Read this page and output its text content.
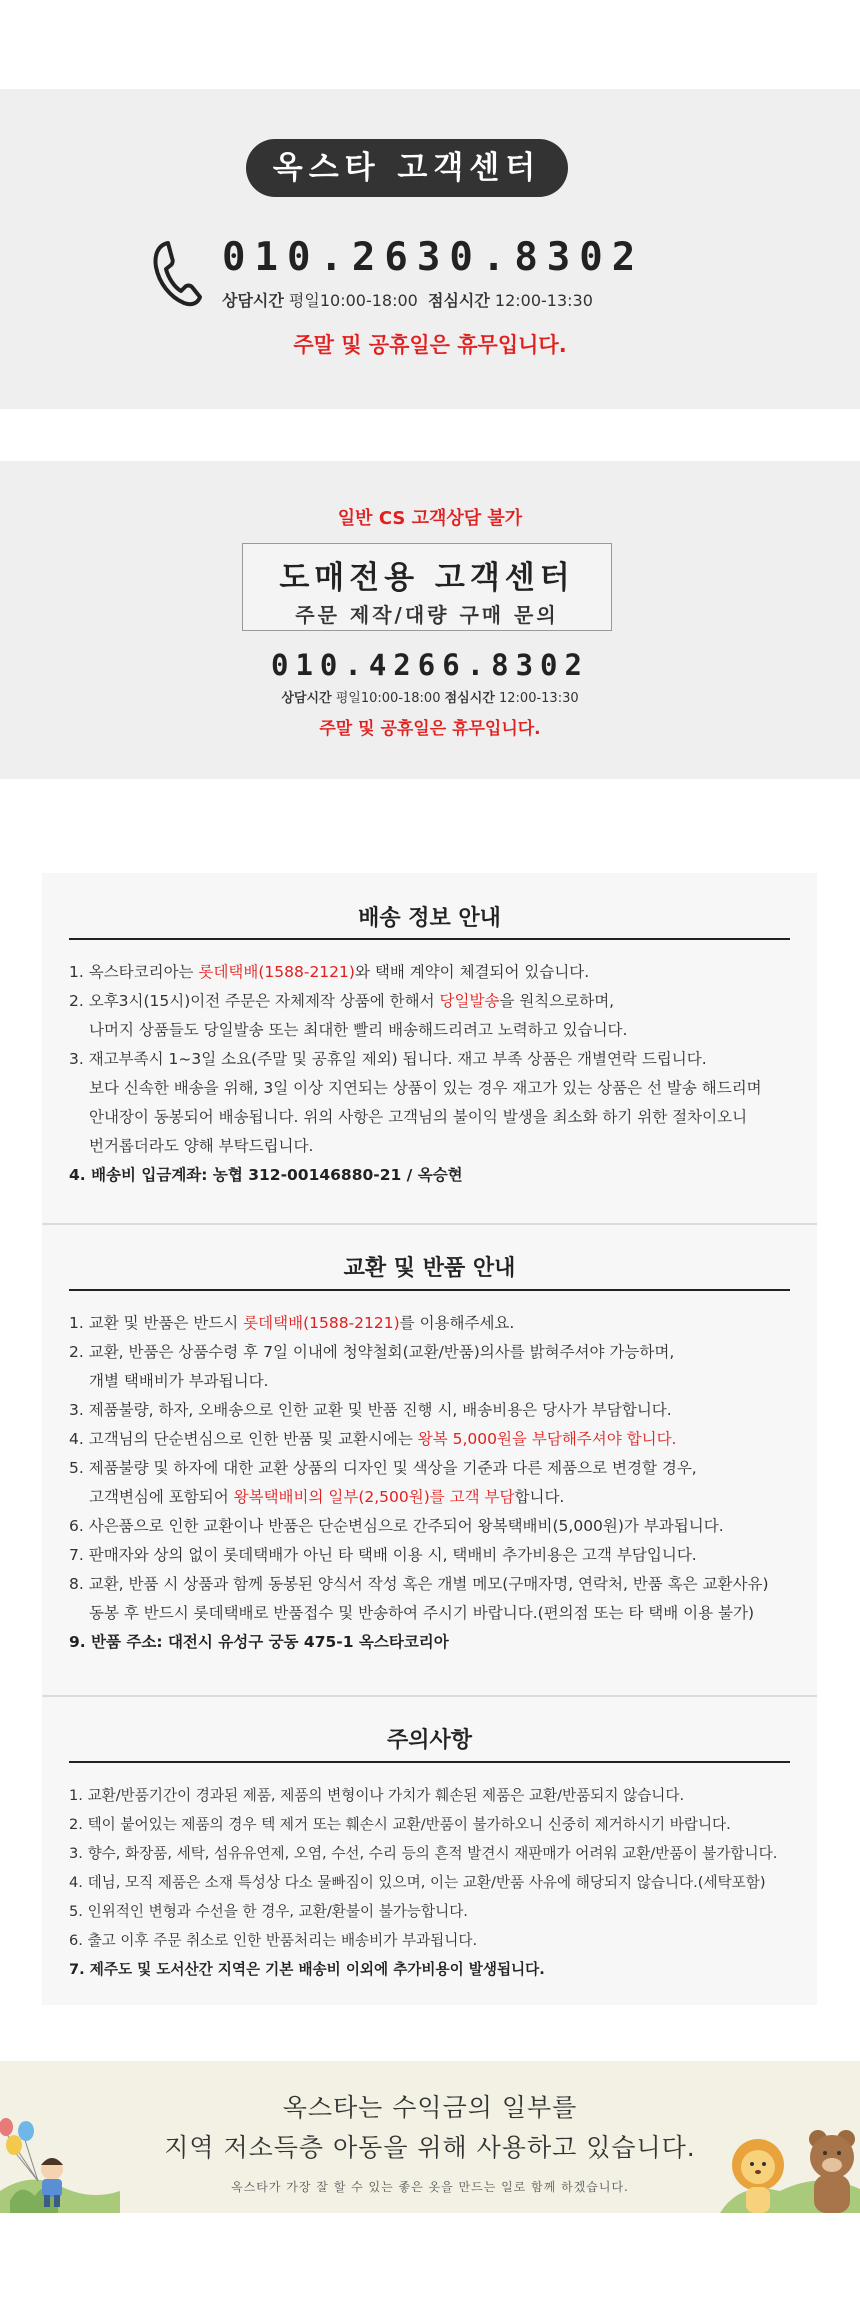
옥스타 고객센터
010.2630.8302
상담시간 평일10:00-18:00 점심시간 12:00-13:30
주말 및 공휴일은 휴무입니다.
일반 CS 고객상담 불가
도매전용 고객센터
주문 제작/대량 구매 문의
010.4266.8302
상담시간 평일10:00-18:00 점심시간 12:00-13:30
주말 및 공휴일은 휴무입니다.
배송 정보 안내
1. 옥스타코리아는 롯데택배(1588-2121)와 택배 계약이 체결되어 있습니다.
2. 오후3시(15시)이전 주문은 자체제작 상품에 한해서 당일발송을 원칙으로하며,
나머지 상품들도 당일발송 또는 최대한 빨리 배송해드리려고 노력하고 있습니다.
3. 재고부족시 1~3일 소요(주말 및 공휴일 제외) 됩니다. 재고 부족 상품은 개별연락 드립니다.
보다 신속한 배송을 위해, 3일 이상 지연되는 상품이 있는 경우 재고가 있는 상품은 선 발송 해드리며
안내장이 동봉되어 배송됩니다. 위의 사항은 고객님의 불이익 발생을 최소화 하기 위한 절차이오니
번거롭더라도 양해 부탁드립니다.
4. 배송비 입금계좌: 농협 312-00146880-21 / 옥승현
교환 및 반품 안내
1. 교환 및 반품은 반드시 롯데택배(1588-2121)를 이용해주세요.
2. 교환, 반품은 상품수령 후 7일 이내에 청약철회(교환/반품)의사를 밝혀주셔야 가능하며,
개별 택배비가 부과됩니다.
3. 제품불량, 하자, 오배송으로 인한 교환 및 반품 진행 시, 배송비용은 당사가 부담합니다.
4. 고객님의 단순변심으로 인한 반품 및 교환시에는 왕복 5,000원을 부담해주셔야 합니다.
5. 제품불량 및 하자에 대한 교환 상품의 디자인 및 색상을 기준과 다른 제품으로 변경할 경우,
고객변심에 포함되어 왕복택배비의 일부(2,500원)를 고객 부담합니다.
6. 사은품으로 인한 교환이나 반품은 단순변심으로 간주되어 왕복택배비(5,000원)가 부과됩니다.
7. 판매자와 상의 없이 롯데택배가 아닌 타 택배 이용 시, 택배비 추가비용은 고객 부담입니다.
8. 교환, 반품 시 상품과 함께 동봉된 양식서 작성 혹은 개별 메모(구매자명, 연락처, 반품 혹은 교환사유)
동봉 후 반드시 롯데택배로 반품접수 및 반송하여 주시기 바랍니다.(편의점 또는 타 택배 이용 불가)
9. 반품 주소: 대전시 유성구 궁동 475-1 옥스타코리아
주의사항
1. 교환/반품기간이 경과된 제품, 제품의 변형이나 가치가 훼손된 제품은 교환/반품되지 않습니다.
2. 텍이 붙어있는 제품의 경우 텍 제거 또는 훼손시 교환/반품이 불가하오니 신중히 제거하시기 바랍니다.
3. 향수, 화장품, 세탁, 섬유유연제, 오염, 수선, 수리 등의 흔적 발견시 재판매가 어려워 교환/반품이 불가합니다.
4. 데님, 모직 제품은 소재 특성상 다소 물빠짐이 있으며, 이는 교환/반품 사유에 해당되지 않습니다.(세탁포함)
5. 인위적인 변형과 수선을 한 경우, 교환/환불이 불가능합니다.
6. 출고 이후 주문 취소로 인한 반품처리는 배송비가 부과됩니다.
7. 제주도 및 도서산간 지역은 기본 배송비 이외에 추가비용이 발생됩니다.
옥스타는 수익금의 일부를
지역 저소득층 아동을 위해 사용하고 있습니다.
옥스타가 가장 잘 할 수 있는 좋은 옷을 만드는 일로 함께 하겠습니다.
